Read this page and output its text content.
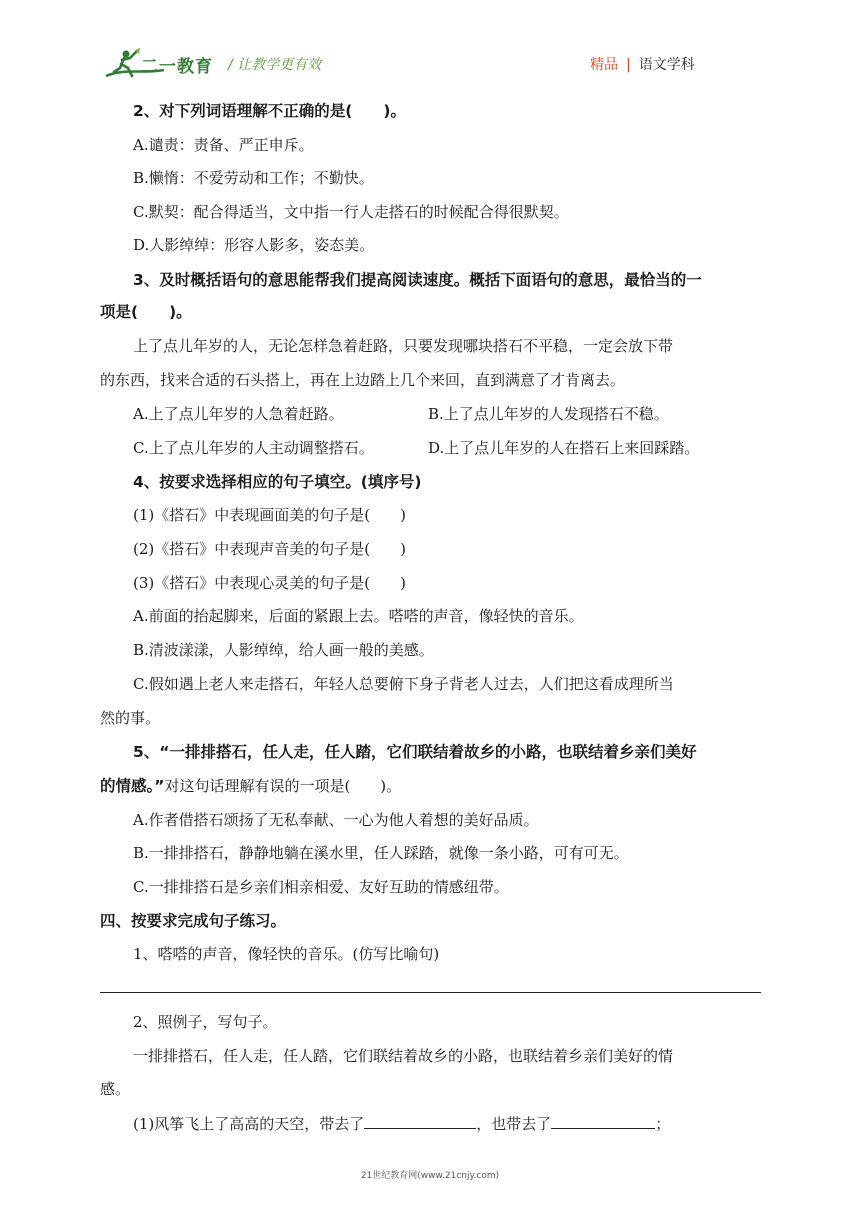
二一教育 / 让教学更有效	精品 | 语文学科
2、对下列词语理解不正确的是(　　)。
A.谴责：责备、严正申斥。
B.懒惰：不爱劳动和工作；不勤快。
C.默契：配合得适当，文中指一行人走搭石的时候配合得很默契。
D.人影绰绰：形容人影多，姿态美。
3、及时概括语句的意思能帮我们提高阅读速度。概括下面语句的意思，最恰当的一
项是(　　)。
上了点儿年岁的人，无论怎样急着赶路，只要发现哪块搭石不平稳，一定会放下带
的东西，找来合适的石头搭上，再在上边踏上几个来回，直到满意了才肯离去。
A.上了点儿年岁的人急着赶路。	B.上了点儿年岁的人发现搭石不稳。
C.上了点儿年岁的人主动调整搭石。	D.上了点儿年岁的人在搭石上来回踩踏。
4、按要求选择相应的句子填空。(填序号)
(1)《搭石》中表现画面美的句子是(　　)
(2)《搭石》中表现声音美的句子是(　　)
(3)《搭石》中表现心灵美的句子是(　　)
A.前面的抬起脚来，后面的紧跟上去。嗒嗒的声音，像轻快的音乐。
B.清波漾漾，人影绰绰，给人画一般的美感。
C.假如遇上老人来走搭石，年轻人总要俯下身子背老人过去，人们把这看成理所当
然的事。
5、“一排排搭石，任人走，任人踏，它们联结着故乡的小路，也联结着乡亲们美好
的情感。”对这句话理解有误的一项是(　　)。
A.作者借搭石颂扬了无私奉献、一心为他人着想的美好品质。
B.一排排搭石，静静地躺在溪水里，任人踩踏，就像一条小路，可有可无。
C.一排排搭石是乡亲们相亲相爱、友好互助的情感纽带。
四、按要求完成句子练习。
1、嗒嗒的声音，像轻快的音乐。(仿写比喻句)
2、照例子，写句子。
一排排搭石，任人走，任人踏，它们联结着故乡的小路，也联结着乡亲们美好的情
感。
(1)风筝飞上了高高的天空，带去了	，也带去了	；
21世纪教育网(www.21cnjy.com)
